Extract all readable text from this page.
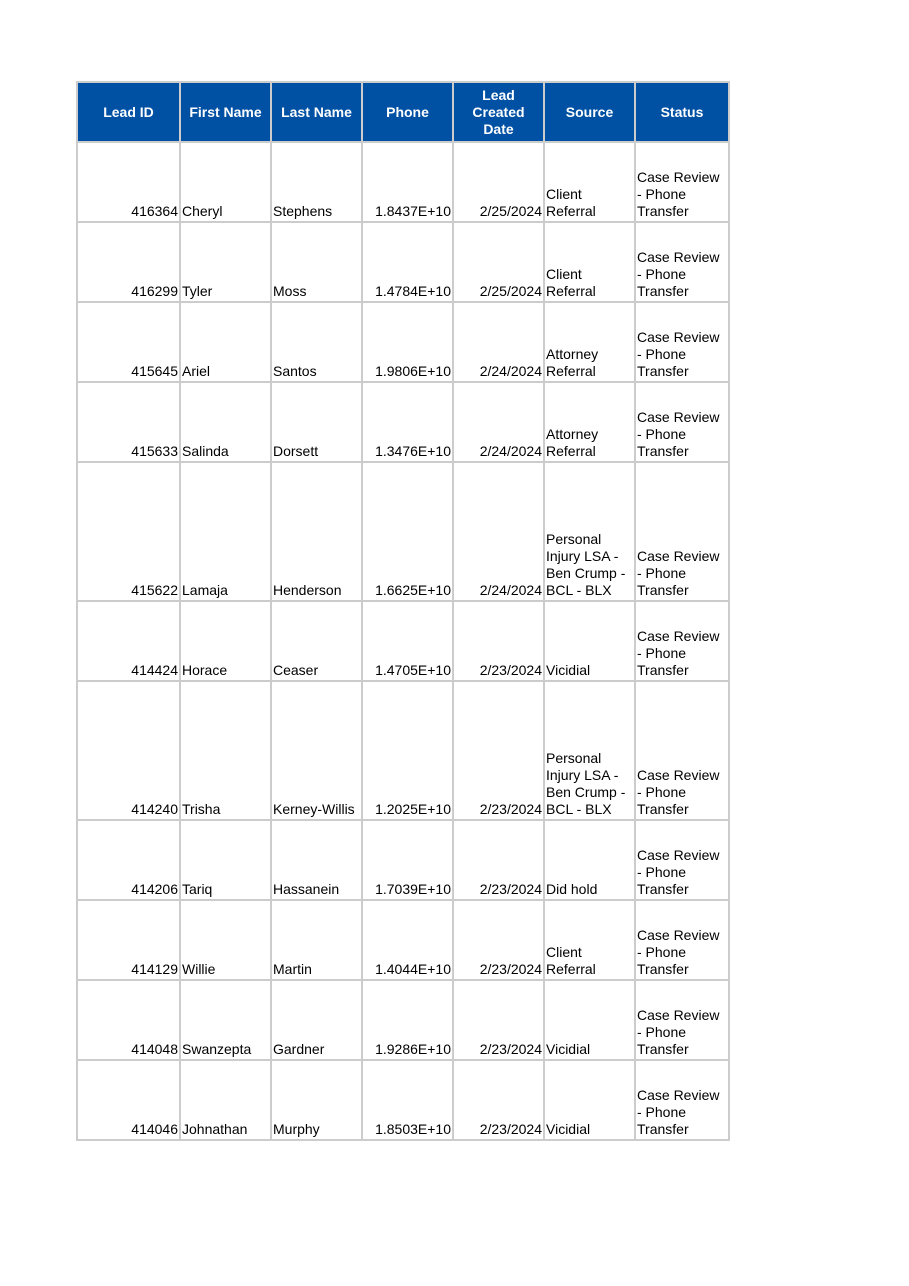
Lead ID	First Name	Last Name	Phone	Lead Created Date	Source	Status
416364	Cheryl	Stephens	1.8437E+10	2/25/2024	Client Referral	Case Review - Phone Transfer
416299	Tyler	Moss	1.4784E+10	2/25/2024	Client Referral	Case Review - Phone Transfer
415645	Ariel	Santos	1.9806E+10	2/24/2024	Attorney Referral	Case Review - Phone Transfer
415633	Salinda	Dorsett	1.3476E+10	2/24/2024	Attorney Referral	Case Review - Phone Transfer
415622	Lamaja	Henderson	1.6625E+10	2/24/2024	Personal Injury LSA - Ben Crump - BCL - BLX	Case Review - Phone Transfer
414424	Horace	Ceaser	1.4705E+10	2/23/2024	Vicidial	Case Review - Phone Transfer
414240	Trisha	Kerney-Willis	1.2025E+10	2/23/2024	Personal Injury LSA - Ben Crump - BCL - BLX	Case Review - Phone Transfer
414206	Tariq	Hassanein	1.7039E+10	2/23/2024	Did hold	Case Review - Phone Transfer
414129	Willie	Martin	1.4044E+10	2/23/2024	Client Referral	Case Review - Phone Transfer
414048	Swanzepta	Gardner	1.9286E+10	2/23/2024	Vicidial	Case Review - Phone Transfer
414046	Johnathan	Murphy	1.8503E+10	2/23/2024	Vicidial	Case Review - Phone Transfer
